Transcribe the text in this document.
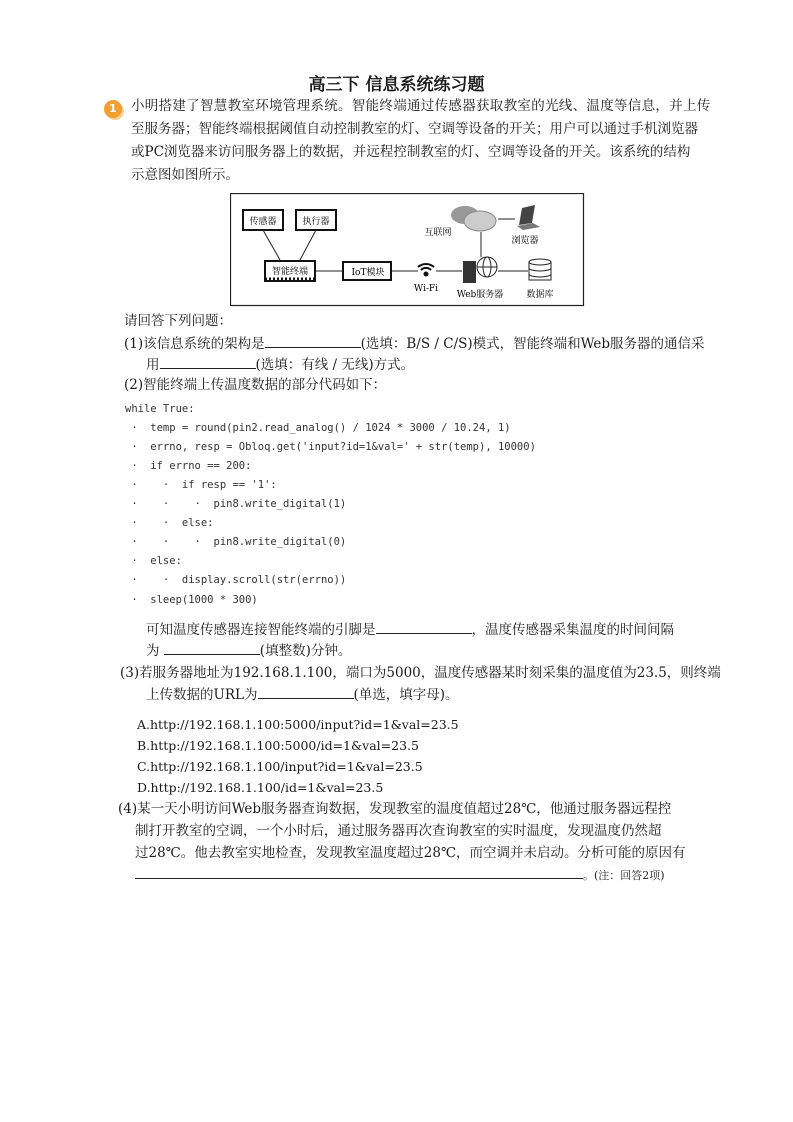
高三下 信息系统练习题
1	小明搭建了智慧教室环境管理系统。智能终端通过传感器获取教室的光线、温度等信息，并上传
至服务器；智能终端根据阈值自动控制教室的灯、空调等设备的开关；用户可以通过手机浏览器
或PC浏览器来访问服务器上的数据，并远程控制教室的灯、空调等设备的开关。该系统的结构
示意图如图所示。
传感器	执行器
智能终端	IoT模块
Wi-Fi
Web服务器	数据库
互联网
浏览器
请回答下列问题：
(1)该信息系统的架构是	(选填：B/S / C/S)模式，智能终端和Web服务器的通信采
用	(选填：有线 / 无线)方式。
(2)智能终端上传温度数据的部分代码如下：
while True:
·  temp = round(pin2.read_analog() / 1024 * 3000 / 10.24, 1)
·  errno, resp = Obloq.get('input?id=1&val=' + str(temp), 10000)
·  if errno == 200:
·    ·  if resp == '1':
·    ·    ·  pin8.write_digital(1)
·    ·  else:
·    ·    ·  pin8.write_digital(0)
·  else:
·    ·  display.scroll(str(errno))
·  sleep(1000 * 300)
可知温度传感器连接智能终端的引脚是	，温度传感器采集温度的时间间隔
为	(填整数)分钟。
(3)若服务器地址为192.168.1.100，端口为5000，温度传感器某时刻采集的温度值为23.5，则终端
上传数据的URL为	(单选，填字母)。
A.http://192.168.1.100:5000/input?id=1&val=23.5
B.http://192.168.1.100:5000/id=1&val=23.5
C.http://192.168.1.100/input?id=1&val=23.5
D.http://192.168.1.100/id=1&val=23.5
(4)某一天小明访问Web服务器查询数据，发现教室的温度值超过28℃，他通过服务器远程控
制打开教室的空调，一个小时后，通过服务器再次查询教室的实时温度，发现温度仍然超
过28℃。他去教室实地检查，发现教室温度超过28℃，而空调并未启动。分析可能的原因有
。(注：回答2项)
